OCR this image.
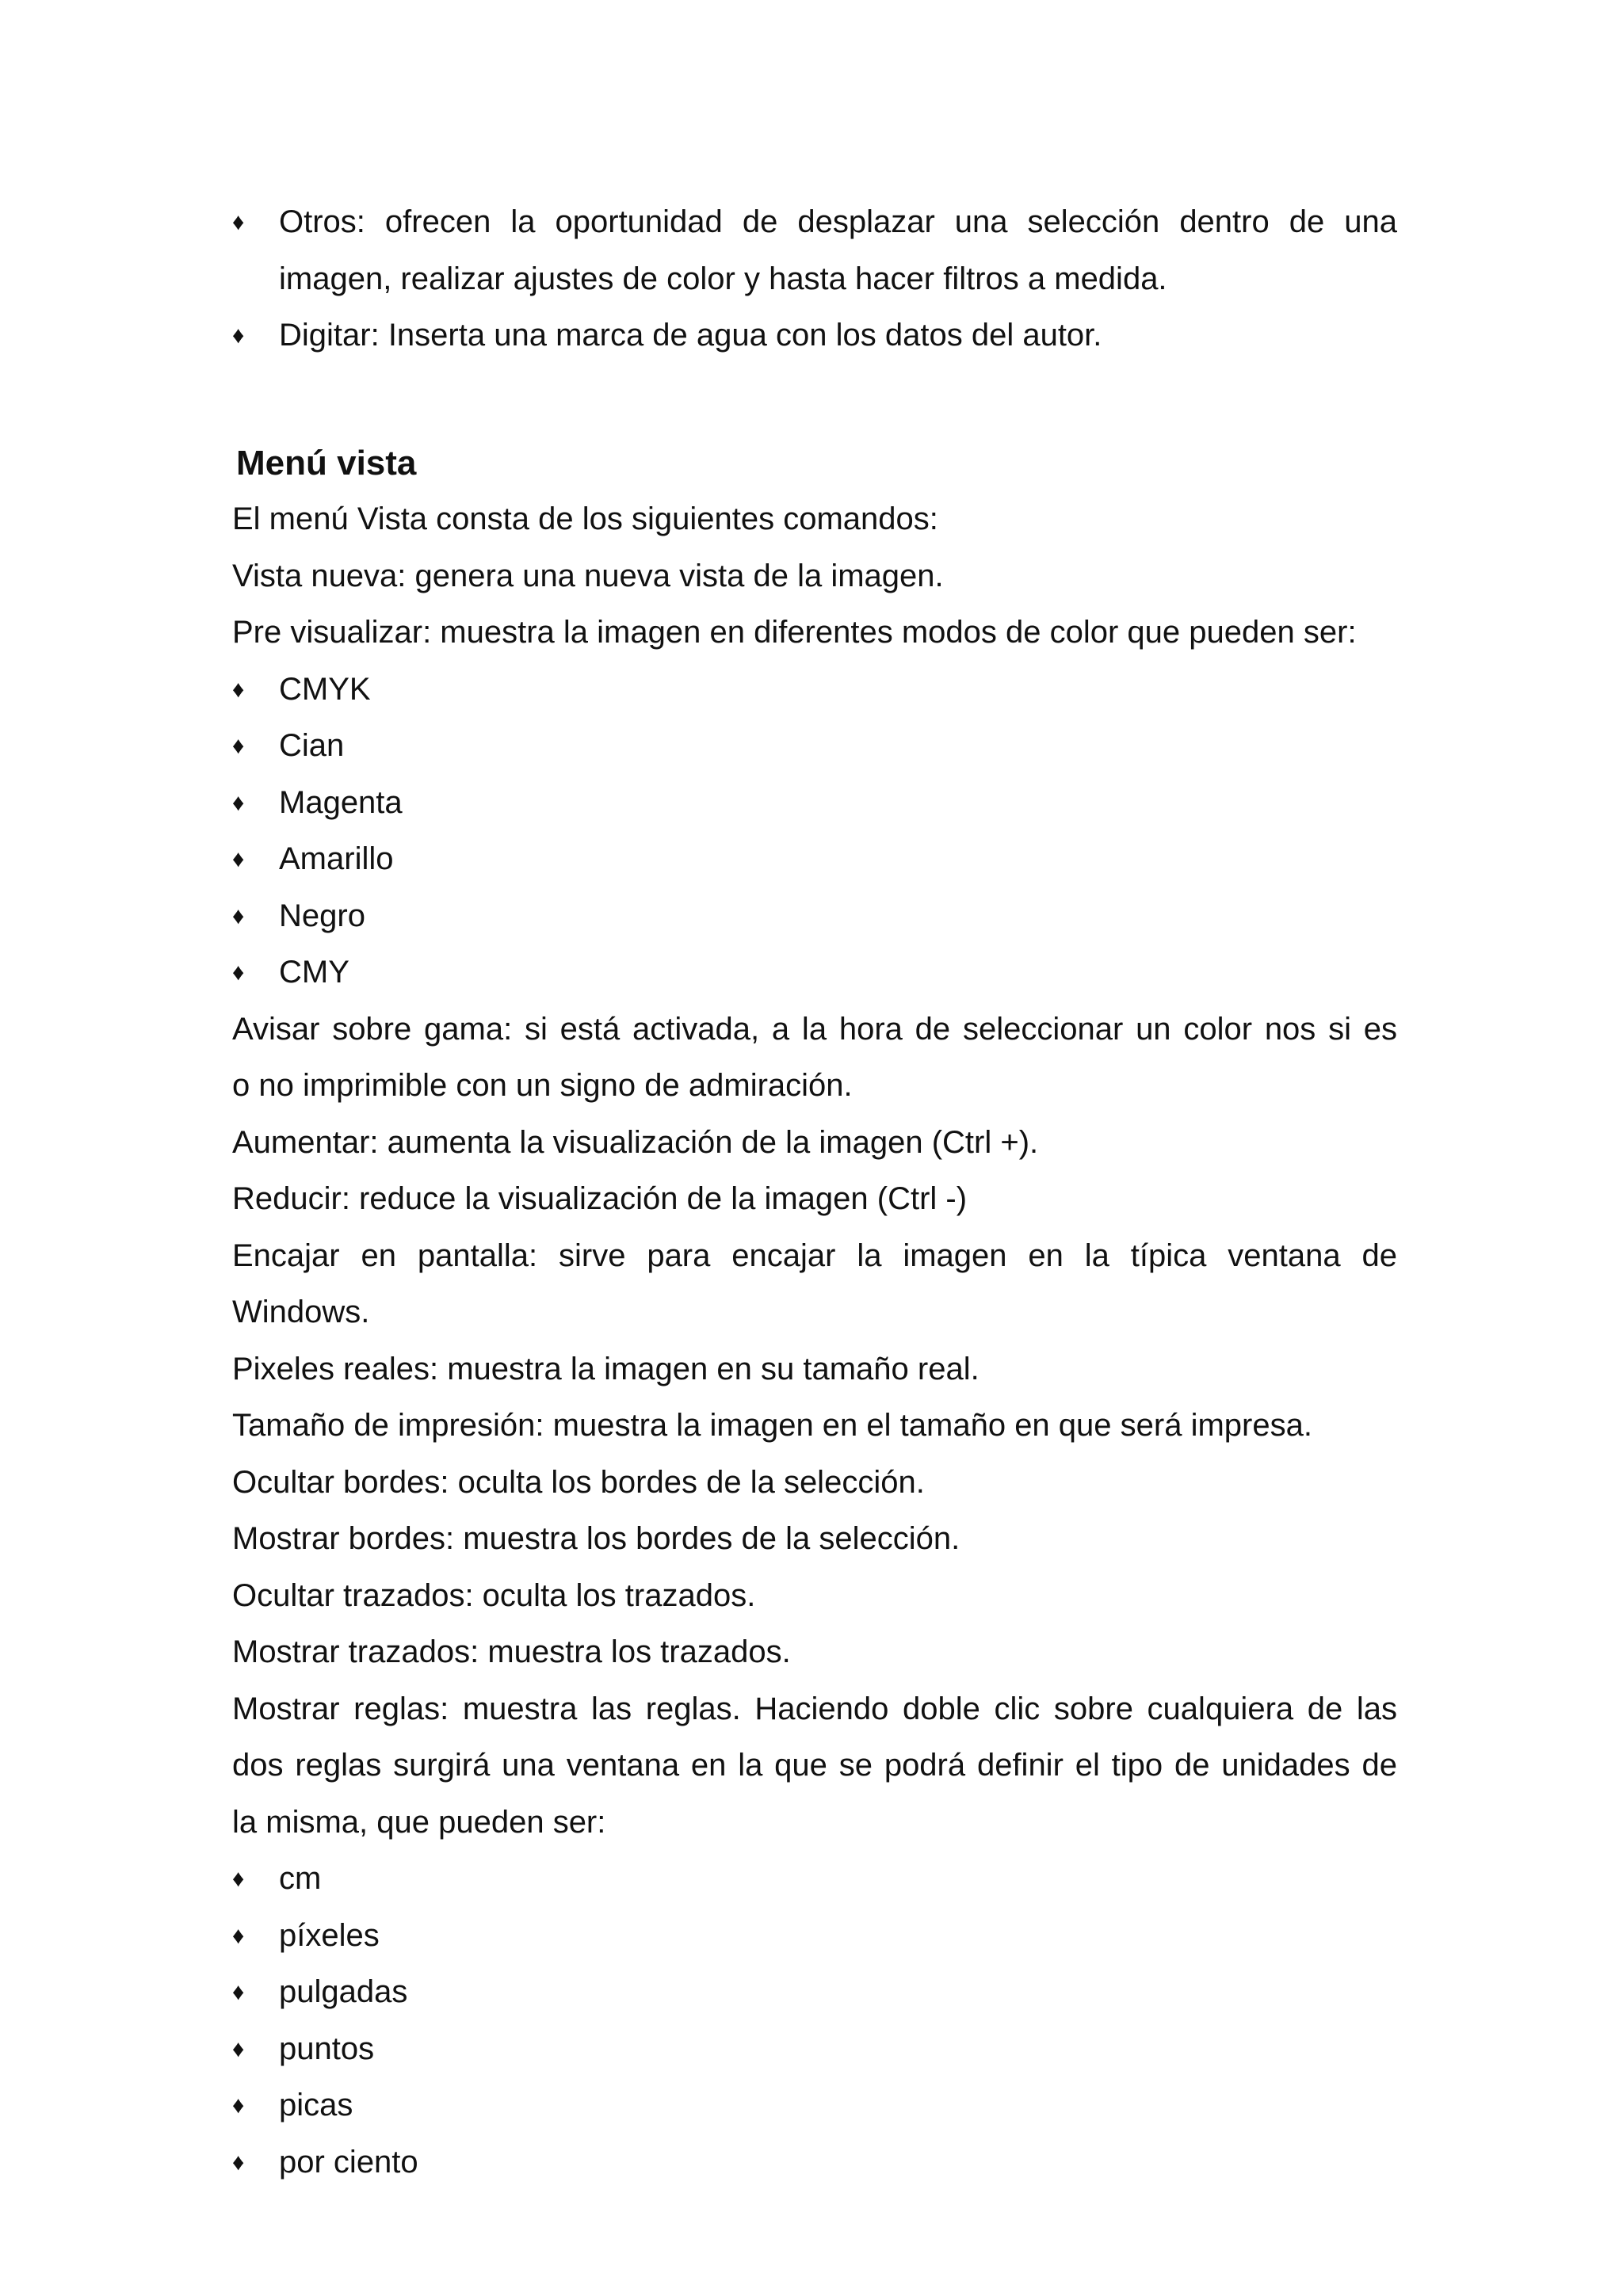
♦	Otros: ofrecen la oportunidad de desplazar una selección dentro de una
imagen, realizar ajustes de color y hasta hacer filtros a medida.
♦	Digitar: Inserta una marca de agua con los datos del autor.
Menú vista
El menú Vista consta de los siguientes comandos:
Vista nueva: genera una nueva vista de la imagen.
Pre visualizar: muestra la imagen en diferentes modos de color que pueden ser:
♦	CMYK
♦	Cian
♦	Magenta
♦	Amarillo
♦	Negro
♦	CMY
Avisar sobre gama: si está activada, a la hora de seleccionar un color nos si es
o no imprimible con un signo de admiración.
Aumentar: aumenta la visualización de la imagen (Ctrl +).
Reducir: reduce la visualización de la imagen (Ctrl -)
Encajar en pantalla: sirve para encajar la imagen en la típica ventana de
Windows.
Pixeles reales: muestra la imagen en su tamaño real.
Tamaño de impresión: muestra la imagen en el tamaño en que será impresa.
Ocultar bordes: oculta los bordes de la selección.
Mostrar bordes: muestra los bordes de la selección.
Ocultar trazados: oculta los trazados.
Mostrar trazados: muestra los trazados.
Mostrar reglas: muestra las reglas. Haciendo doble clic sobre cualquiera de las
dos reglas surgirá una ventana en la que se podrá definir el tipo de unidades de
la misma, que pueden ser:
♦	cm
♦	píxeles
♦	pulgadas
♦	puntos
♦	picas
♦	por ciento
